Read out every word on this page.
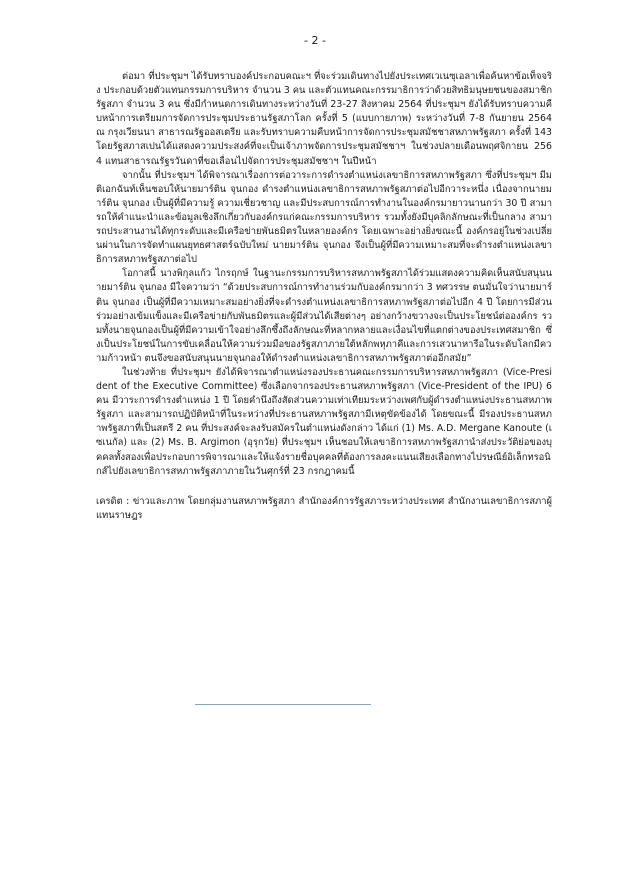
- 2 -

ต่อมา ที่ประชุมฯ ได้รับทราบองค์ประกอบคณะฯ ที่จะร่วมเดินทางไปยังประเทศเวเนซุเอลาเพื่อค้นหาข้อเท็จจริง ประกอบด้วยตัวแทนกรรมการบริหาร จำนวน 3 คน และตัวแทนคณะกรรมาธิการว่าด้วยสิทธิมนุษยชนของสมาชิกรัฐสภา จำนวน 3 คน ซึ่งมีกำหนดการเดินทางระหว่างวันที่ 23-27 สิงหาคม 2564 ที่ประชุมฯ ยังได้รับทราบความคืบหน้าการเตรียมการจัดการประชุมประธานรัฐสภาโลก ครั้งที่ 5 (แบบกายภาพ) ระหว่างวันที่ 7-8 กันยายน 2564 ณ กรุงเวียนนา สาธารณรัฐออสเตรีย และรับทราบความคืบหน้าการจัดการประชุมสมัชชาสหภาพรัฐสภา ครั้งที่ 143 โดยรัฐสภาสเปนได้แสดงความประสงค์ที่จะเป็นเจ้าภาพจัดการประชุมสมัชชาฯ ในช่วงปลายเดือนพฤศจิกายน 2564 แทนสาธารณรัฐรวันดาที่ขอเลื่อนไปจัดการประชุมสมัชชาฯ ในปีหน้า

จากนั้น ที่ประชุมฯ ได้พิจารณาเรื่องการต่อวาระการดำรงตำแหน่งเลขาธิการสหภาพรัฐสภา ซึ่งที่ประชุมฯ มีมติเอกฉันท์เห็นชอบให้นายมาร์ติน จุนกอง ดำรงตำแหน่งเลขาธิการสหภาพรัฐสภาต่อไปอีกวาระหนึ่ง เนื่องจากนายมาร์ติน จุนกอง เป็นผู้ที่มีความรู้ ความเชี่ยวชาญ และมีประสบการณ์การทำงานในองค์กรมายาวนานกว่า 30 ปี สามารถให้คำแนะนำและข้อมูลเชิงลึกเกี่ยวกับองค์กรแก่คณะกรรมการบริหาร รวมทั้งยังมีบุคลิกลักษณะที่เป็นกลาง สามารถประสานงานได้ทุกระดับและมีเครือข่ายพันธมิตรในหลายองค์กร โดยเฉพาะอย่างยิ่งขณะนี้ องค์กรอยู่ในช่วงเปลี่ยนผ่านในการจัดทำแผนยุทธศาสตร์ฉบับใหม่ นายมาร์ติน จุนกอง จึงเป็นผู้ที่มีความเหมาะสมที่จะดำรงตำแหน่งเลขาธิการสหภาพรัฐสภาต่อไป

โอกาสนี้ นางพิกุลแก้ว ไกรฤกษ์ ในฐานะกรรมการบริหารสหภาพรัฐสภาได้ร่วมแสดงความคิดเห็นสนับสนุนนายมาร์ติน จุนกอง มีใจความว่า “ด้วยประสบการณ์การทำงานร่วมกับองค์กรมากว่า 3 ทศวรรษ ตนมั่นใจว่านายมาร์ติน จุนกอง เป็นผู้ที่มีความเหมาะสมอย่างยิ่งที่จะดำรงตำแหน่งเลขาธิการสหภาพรัฐสภาต่อไปอีก 4 ปี โดยการมีส่วนร่วมอย่างเข้มแข็งและมีเครือข่ายกับพันธมิตรและผู้มีส่วนได้เสียต่างๆ อย่างกว้างขวางจะเป็นประโยชน์ต่อองค์กร รวมทั้งนายจุนกองเป็นผู้ที่มีความเข้าใจอย่างลึกซึ้งถึงลักษณะที่หลากหลายและเงื่อนไขที่แตกต่างของประเทศสมาชิก ซึ่งเป็นประโยชน์ในการขับเคลื่อนให้ความร่วมมือของรัฐสภาภายใต้หลักพหุภาคีและการเสวนาหารือในระดับโลกมีความก้าวหน้า ตนจึงขอสนับสนุนนายจุนกองให้ดำรงตำแหน่งเลขาธิการสหภาพรัฐสภาต่ออีกสมัย”

ในช่วงท้าย ที่ประชุมฯ ยังได้พิจารณาตำแหน่งรองประธานคณะกรรมการบริหารสหภาพรัฐสภา (Vice-President of the Executive Committee) ซึ่งเลือกจากรองประธานสหภาพรัฐสภา (Vice-President of the IPU) 6 คน มีวาระการดำรงตำแหน่ง 1 ปี โดยคำนึงถึงสัดส่วนความเท่าเทียมระหว่างเพศกับผู้ดำรงตำแหน่งประธานสหภาพรัฐสภา และสามารถปฏิบัติหน้าที่ในระหว่างที่ประธานสหภาพรัฐสภามีเหตุขัดข้องได้ โดยขณะนี้ มีรองประธานสหภาพรัฐสภาที่เป็นสตรี 2 คน ที่ประสงค์จะลงรับสมัครในตำแหน่งดังกล่าว ได้แก่ (1) Ms. A.D. Mergane Kanoute (เซเนกัล) และ (2) Ms. B. Argimon (อุรุกวัย) ที่ประชุมฯ เห็นชอบให้เลขาธิการสหภาพรัฐสภานำส่งประวัติย่อของบุคคลทั้งสองเพื่อประกอบการพิจารณาและให้แจ้งรายชื่อบุคคลที่ต้องการลงคะแนนเสียงเลือกทางไปรษณีย์อิเล็กทรอนิกส์ไปยังเลขาธิการสหภาพรัฐสภาภายในวันศุกร์ที่ 23 กรกฎาคมนี้

เครดิต : ข่าวและภาพ โดยกลุ่มงานสหภาพรัฐสภา สำนักองค์การรัฐสภาระหว่างประเทศ สำนักงานเลขาธิการสภาผู้แทนราษฎร
